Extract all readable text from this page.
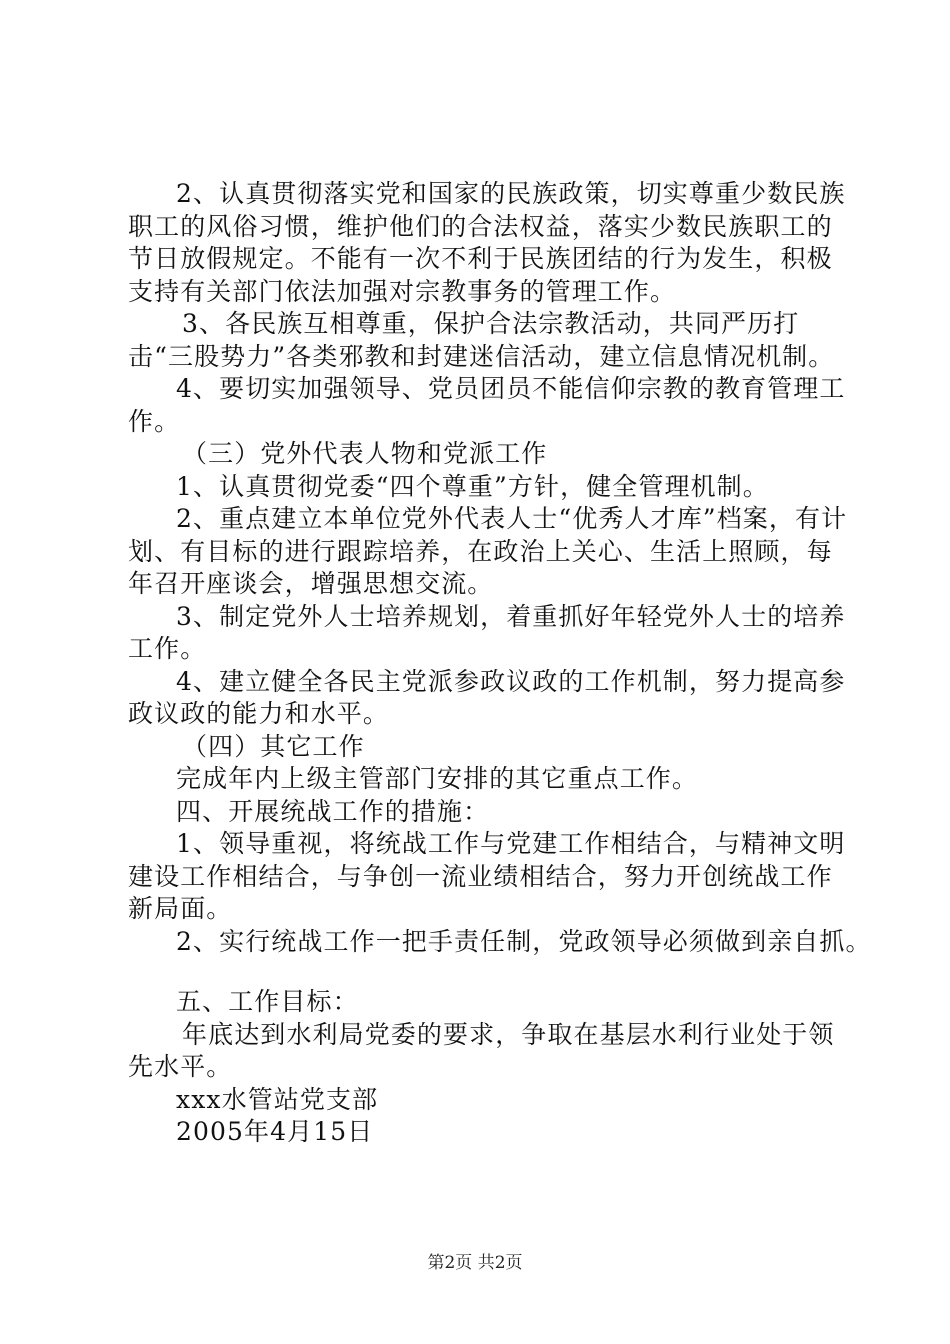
2、认真贯彻落实党和国家的民族政策，切实尊重少数民族职工的风俗习惯，维护他们的合法权益，落实少数民族职工的节日放假规定。不能有一次不利于民族团结的行为发生，积极支持有关部门依法加强对宗教事务的管理工作。

3、各民族互相尊重，保护合法宗教活动，共同严历打击“三股势力”各类邪教和封建迷信活动，建立信息情况机制。

4、要切实加强领导、党员团员不能信仰宗教的教育管理工作。

（三）党外代表人物和党派工作

1、认真贯彻党委“四个尊重”方针，健全管理机制。

2、重点建立本单位党外代表人士“优秀人才库”档案，有计划、有目标的进行跟踪培养，在政治上关心、生活上照顾，每年召开座谈会，增强思想交流。

3、制定党外人士培养规划，着重抓好年轻党外人士的培养工作。

4、建立健全各民主党派参政议政的工作机制，努力提高参政议政的能力和水平。

（四）其它工作

完成年内上级主管部门安排的其它重点工作。

四、开展统战工作的措施：

1、领导重视，将统战工作与党建工作相结合，与精神文明建设工作相结合，与争创一流业绩相结合，努力开创统战工作新局面。

2、实行统战工作一把手责任制，党政领导必须做到亲自抓。

五、工作目标：

年底达到水利局党委的要求，争取在基层水利行业处于领先水平。

xxx水管站党支部

2005年4月15日

第2页 共2页
